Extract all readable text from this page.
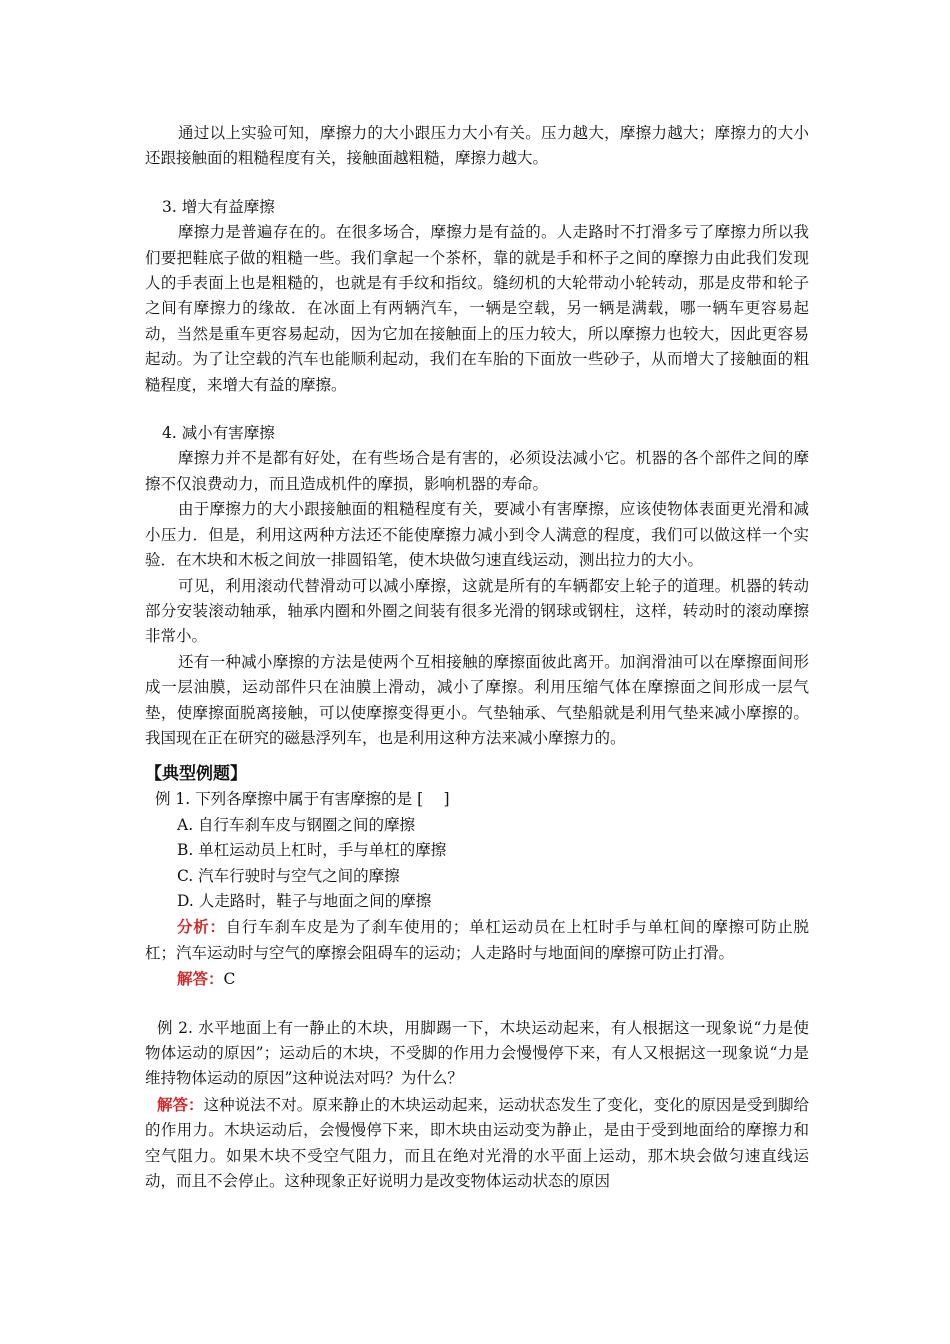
通过以上实验可知，摩擦力的大小跟压力大小有关。压力越大，摩擦力越大；摩擦力的大小还跟接触面的粗糙程度有关，接触面越粗糙，摩擦力越大。

3. 增大有益摩擦

摩擦力是普遍存在的。在很多场合，摩擦力是有益的。人走路时不打滑多亏了摩擦力所以我们要把鞋底子做的粗糙一些。我们拿起一个茶杯，靠的就是手和杯子之间的摩擦力由此我们发现人的手表面上也是粗糙的，也就是有手纹和指纹。缝纫机的大轮带动小轮转动，那是皮带和轮子之间有摩擦力的缘故．在冰面上有两辆汽车，一辆是空载，另一辆是满载，哪一辆车更容易起动，当然是重车更容易起动，因为它加在接触面上的压力较大，所以摩擦力也较大，因此更容易起动。为了让空载的汽车也能顺利起动，我们在车胎的下面放一些砂子，从而增大了接触面的粗糙程度，来增大有益的摩擦。

4. 减小有害摩擦

摩擦力并不是都有好处，在有些场合是有害的，必须设法减小它。机器的各个部件之间的摩擦不仅浪费动力，而且造成机件的摩损，影响机器的寿命。

由于摩擦力的大小跟接触面的粗糙程度有关，要减小有害摩擦，应该使物体表面更光滑和减小压力．但是，利用这两种方法还不能使摩擦力减小到令人满意的程度，我们可以做这样一个实验．在木块和木板之间放一排圆铅笔，使木块做匀速直线运动，测出拉力的大小。

可见，利用滚动代替滑动可以减小摩擦，这就是所有的车辆都安上轮子的道理。机器的转动部分安装滚动轴承，轴承内圈和外圈之间装有很多光滑的钢球或钢柱，这样，转动时的滚动摩擦非常小。

还有一种减小摩擦的方法是使两个互相接触的摩擦面彼此离开。加润滑油可以在摩擦面间形成一层油膜，运动部件只在油膜上滑动，减小了摩擦。利用压缩气体在摩擦面之间形成一层气垫，使摩擦面脱离接触，可以使摩擦变得更小。气垫轴承、气垫船就是利用气垫来减小摩擦的。我国现在正在研究的磁悬浮列车，也是利用这种方法来减小摩擦力的。

【典型例题】

例 1. 下列各摩擦中属于有害摩擦的是 [　 ]

A. 自行车刹车皮与钢圈之间的摩擦

B. 单杠运动员上杠时，手与单杠的摩擦

C. 汽车行驶时与空气之间的摩擦

D. 人走路时，鞋子与地面之间的摩擦

分析：自行车刹车皮是为了刹车使用的；单杠运动员在上杠时手与单杠间的摩擦可防止脱杠；汽车运动时与空气的摩擦会阻碍车的运动；人走路时与地面间的摩擦可防止打滑。

解答：C

例 2. 水平地面上有一静止的木块，用脚踢一下，木块运动起来，有人根据这一现象说“力是使物体运动的原因”；运动后的木块，不受脚的作用力会慢慢停下来，有人又根据这一现象说“力是维持物体运动的原因”这种说法对吗？为什么？

解答：这种说法不对。原来静止的木块运动起来，运动状态发生了变化，变化的原因是受到脚给的作用力。木块运动后，会慢慢停下来，即木块由运动变为静止，是由于受到地面给的摩擦力和空气阻力。如果木块不受空气阻力，而且在绝对光滑的水平面上运动，那木块会做匀速直线运动，而且不会停止。这种现象正好说明力是改变物体运动状态的原因
